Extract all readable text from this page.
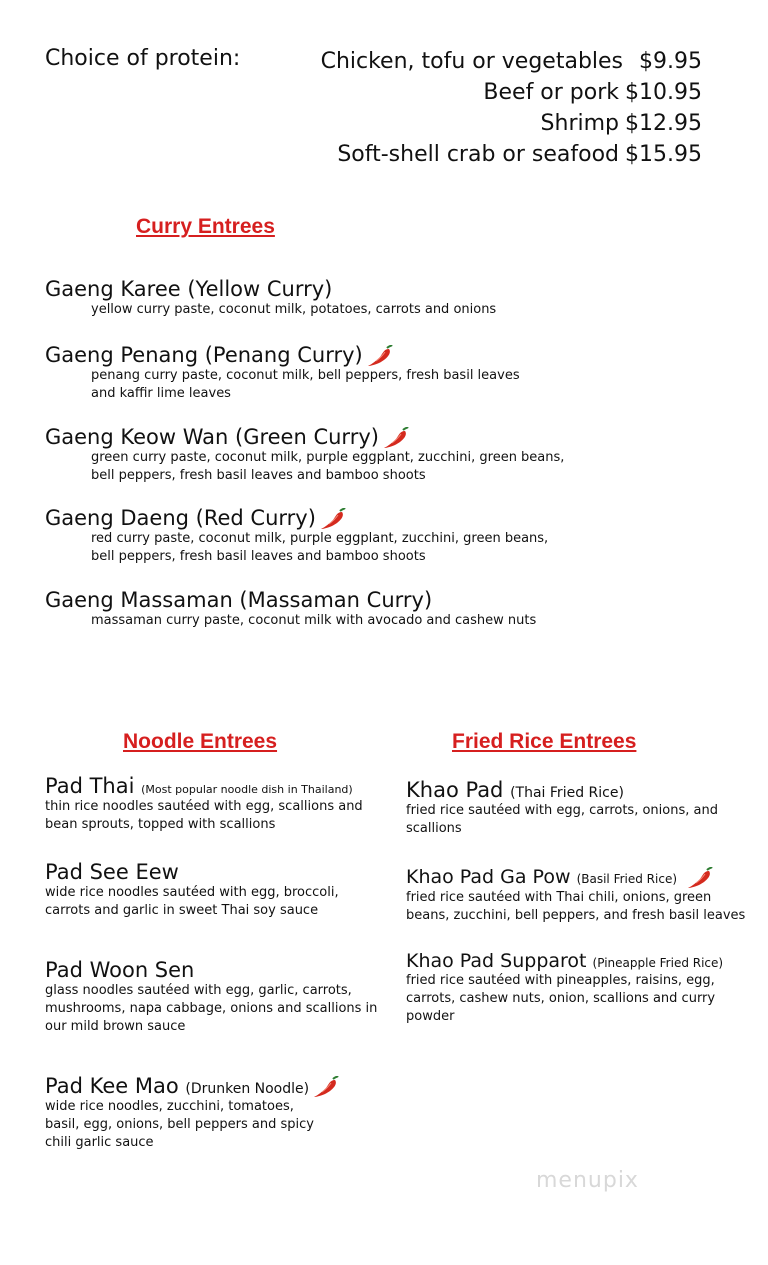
Choice of protein:	Chicken, tofu or vegetables $9.95
Beef or pork $10.95
Shrimp $12.95
Soft-shell crab or seafood $15.95
Curry Entrees
Gaeng Karee (Yellow Curry)
yellow curry paste, coconut milk, potatoes, carrots and onions
Gaeng Penang (Penang Curry)
penang curry paste, coconut milk, bell peppers, fresh basil leaves
and kaffir lime leaves
Gaeng Keow Wan (Green Curry)
green curry paste, coconut milk, purple eggplant, zucchini, green beans,
bell peppers, fresh basil leaves and bamboo shoots
Gaeng Daeng (Red Curry)
red curry paste, coconut milk, purple eggplant, zucchini, green beans,
bell peppers, fresh basil leaves and bamboo shoots
Gaeng Massaman (Massaman Curry)
massaman curry paste, coconut milk with avocado and cashew nuts
Noodle Entrees
Pad Thai (Most popular noodle dish in Thailand)
thin rice noodles sautéed with egg, scallions and
bean sprouts, topped with scallions
Pad See Eew
wide rice noodles sautéed with egg, broccoli,
carrots and garlic in sweet Thai soy sauce
Pad Woon Sen
glass noodles sautéed with egg, garlic, carrots,
mushrooms, napa cabbage, onions and scallions in
our mild brown sauce
Pad Kee Mao (Drunken Noodle)
wide rice noodles, zucchini, tomatoes,
basil, egg, onions, bell peppers and spicy
chili garlic sauce
Fried Rice Entrees
Khao Pad (Thai Fried Rice)
fried rice sautéed with egg, carrots, onions, and
scallions
Khao Pad Ga Pow (Basil Fried Rice)
fried rice sautéed with Thai chili, onions, green
beans, zucchini, bell peppers, and fresh basil leaves
Khao Pad Supparot (Pineapple Fried Rice)
fried rice sautéed with pineapples, raisins, egg,
carrots, cashew nuts, onion, scallions and curry
powder
menupix
